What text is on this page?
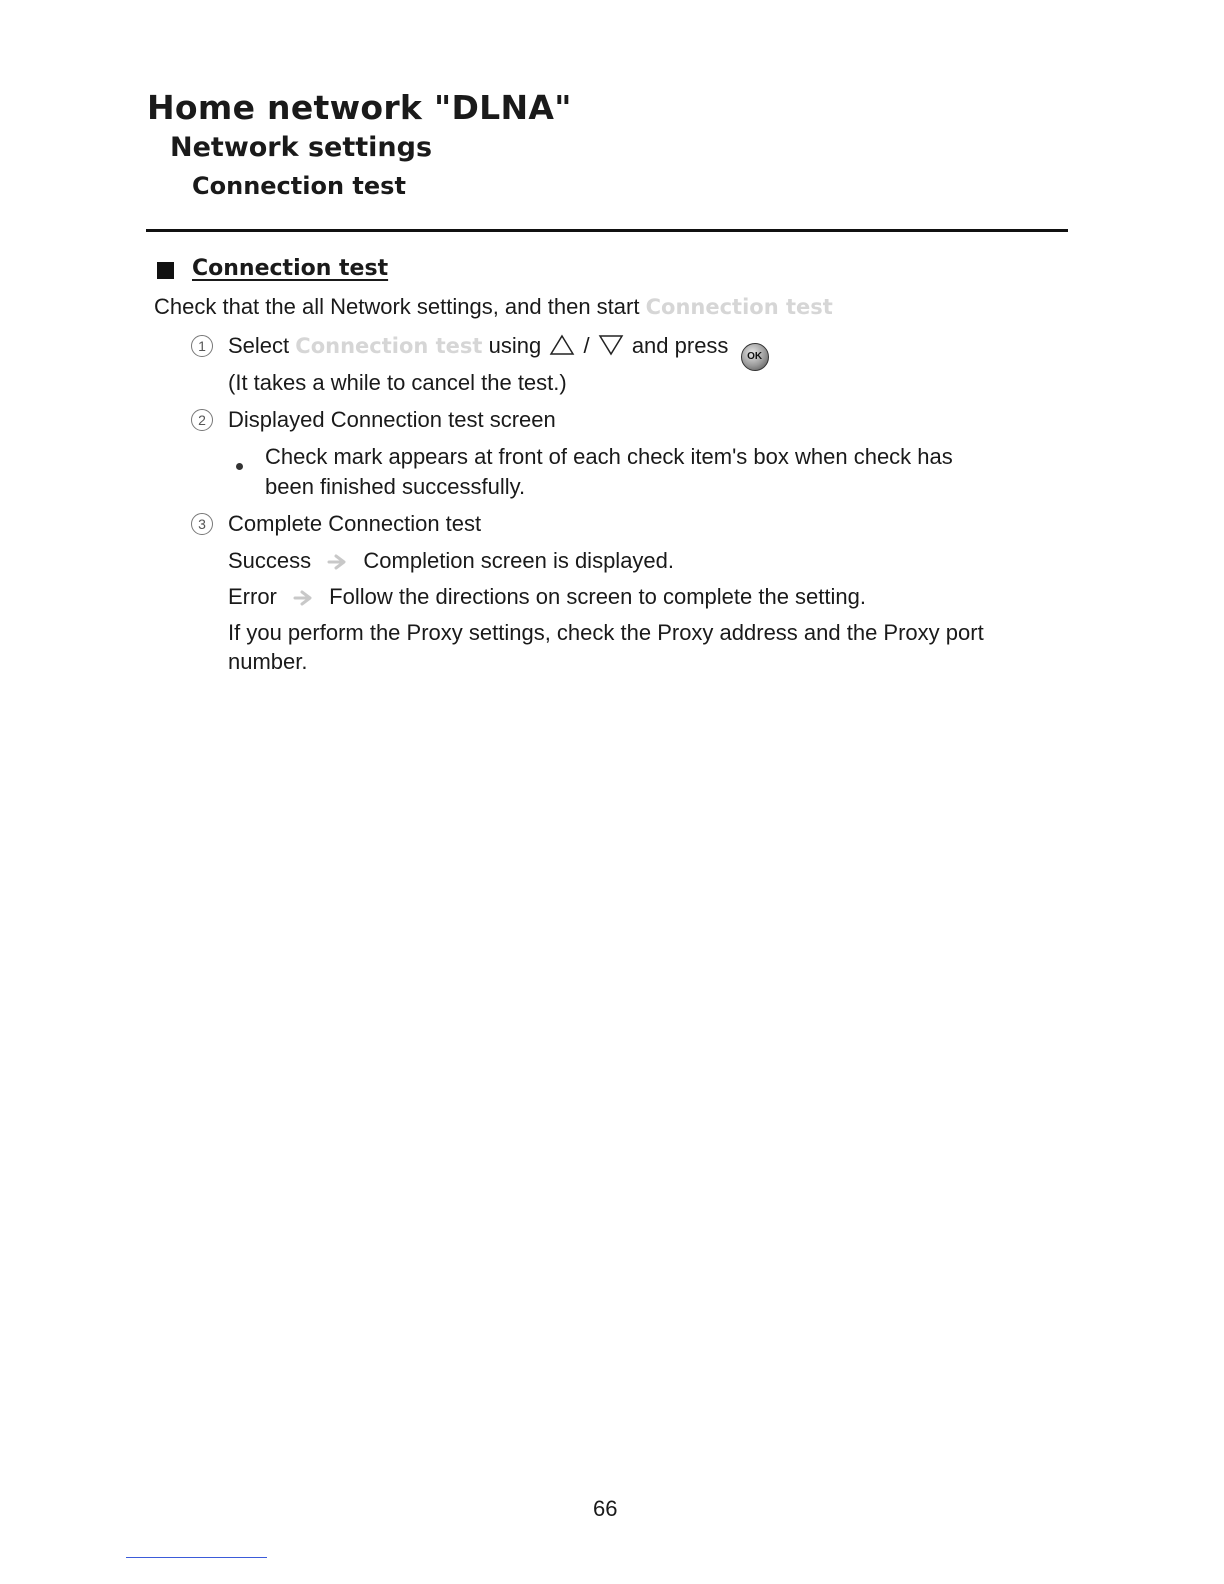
Home network "DLNA"
Network settings
Connection test
Connection test
Check that the all Network settings, and then start Connection test
1	Select Connection test using / and press OK
(It takes a while to cancel the test.)
2	Displayed Connection test screen
Check mark appears at front of each check item's box when check has
been finished successfully.
3	Complete Connection test
Success Completion screen is displayed.
Error Follow the directions on screen to complete the setting.
If you perform the Proxy settings, check the Proxy address and the Proxy port
number.
66
